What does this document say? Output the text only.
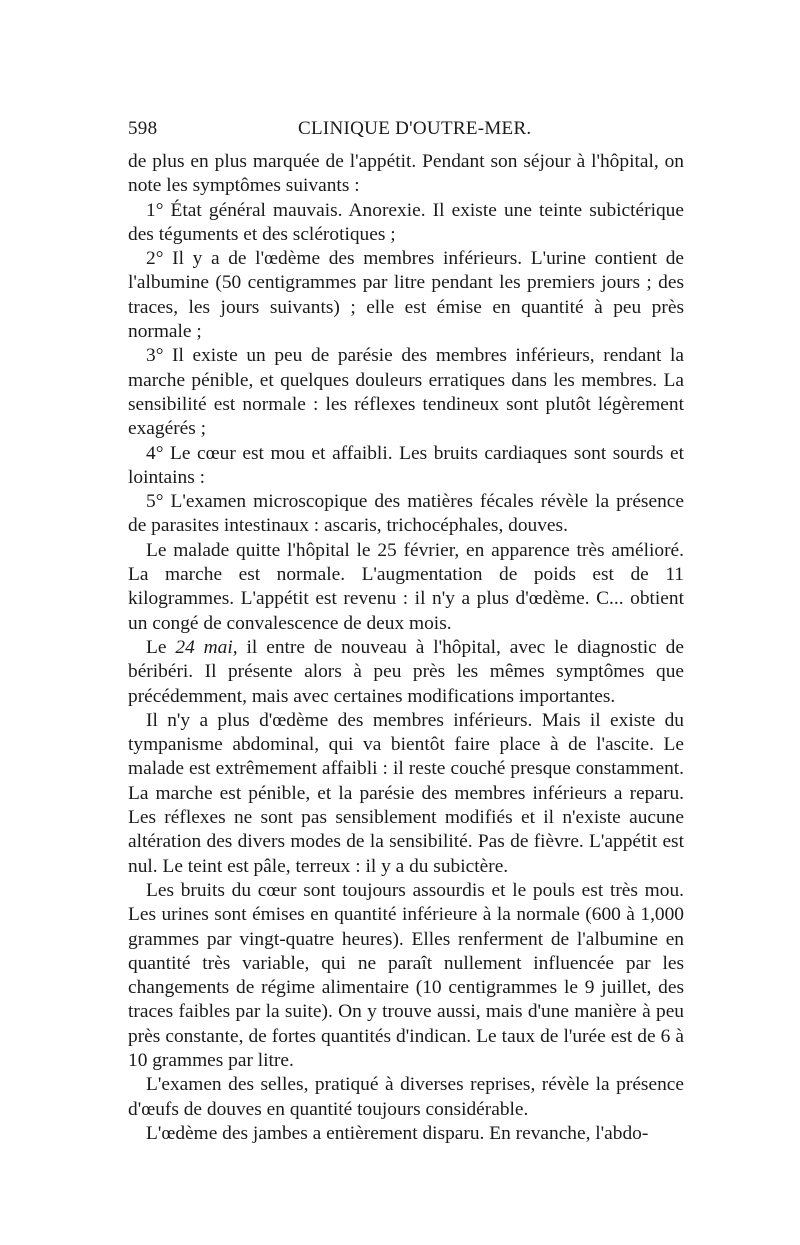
598	CLINIQUE D'OUTRE-MER.

de plus en plus marquée de l'appétit. Pendant son séjour à l'hôpital, on note les symptômes suivants :

1° État général mauvais. Anorexie. Il existe une teinte subictérique des téguments et des sclérotiques ;

2° Il y a de l'œdème des membres inférieurs. L'urine contient de l'albumine (50 centigrammes par litre pendant les premiers jours ; des traces, les jours suivants) ; elle est émise en quantité à peu près normale ;

3° Il existe un peu de parésie des membres inférieurs, rendant la marche pénible, et quelques douleurs erratiques dans les membres. La sensibilité est normale : les réflexes tendineux sont plutôt légèrement exagérés ;

4° Le cœur est mou et affaibli. Les bruits cardiaques sont sourds et lointains :

5° L'examen microscopique des matières fécales révèle la présence de parasites intestinaux : ascaris, trichocéphales, douves.

Le malade quitte l'hôpital le 25 février, en apparence très amélioré. La marche est normale. L'augmentation de poids est de 11 kilogrammes. L'appétit est revenu : il n'y a plus d'œdème. C... obtient un congé de convalescence de deux mois.

Le 24 mai, il entre de nouveau à l'hôpital, avec le diagnostic de béribéri. Il présente alors à peu près les mêmes symptômes que précédemment, mais avec certaines modifications importantes.

Il n'y a plus d'œdème des membres inférieurs. Mais il existe du tympanisme abdominal, qui va bientôt faire place à de l'ascite. Le malade est extrêmement affaibli : il reste couché presque constamment. La marche est pénible, et la parésie des membres inférieurs a reparu. Les réflexes ne sont pas sensiblement modifiés et il n'existe aucune altération des divers modes de la sensibilité. Pas de fièvre. L'appétit est nul. Le teint est pâle, terreux : il y a du subictère.

Les bruits du cœur sont toujours assourdis et le pouls est très mou. Les urines sont émises en quantité inférieure à la normale (600 à 1,000 grammes par vingt-quatre heures). Elles renferment de l'albumine en quantité très variable, qui ne paraît nullement influencée par les changements de régime alimentaire (10 centigrammes le 9 juillet, des traces faibles par la suite). On y trouve aussi, mais d'une manière à peu près constante, de fortes quantités d'indican. Le taux de l'urée est de 6 à 10 grammes par litre.

L'examen des selles, pratiqué à diverses reprises, révèle la présence d'œufs de douves en quantité toujours considérable.

L'œdème des jambes a entièrement disparu. En revanche, l'abdo-
